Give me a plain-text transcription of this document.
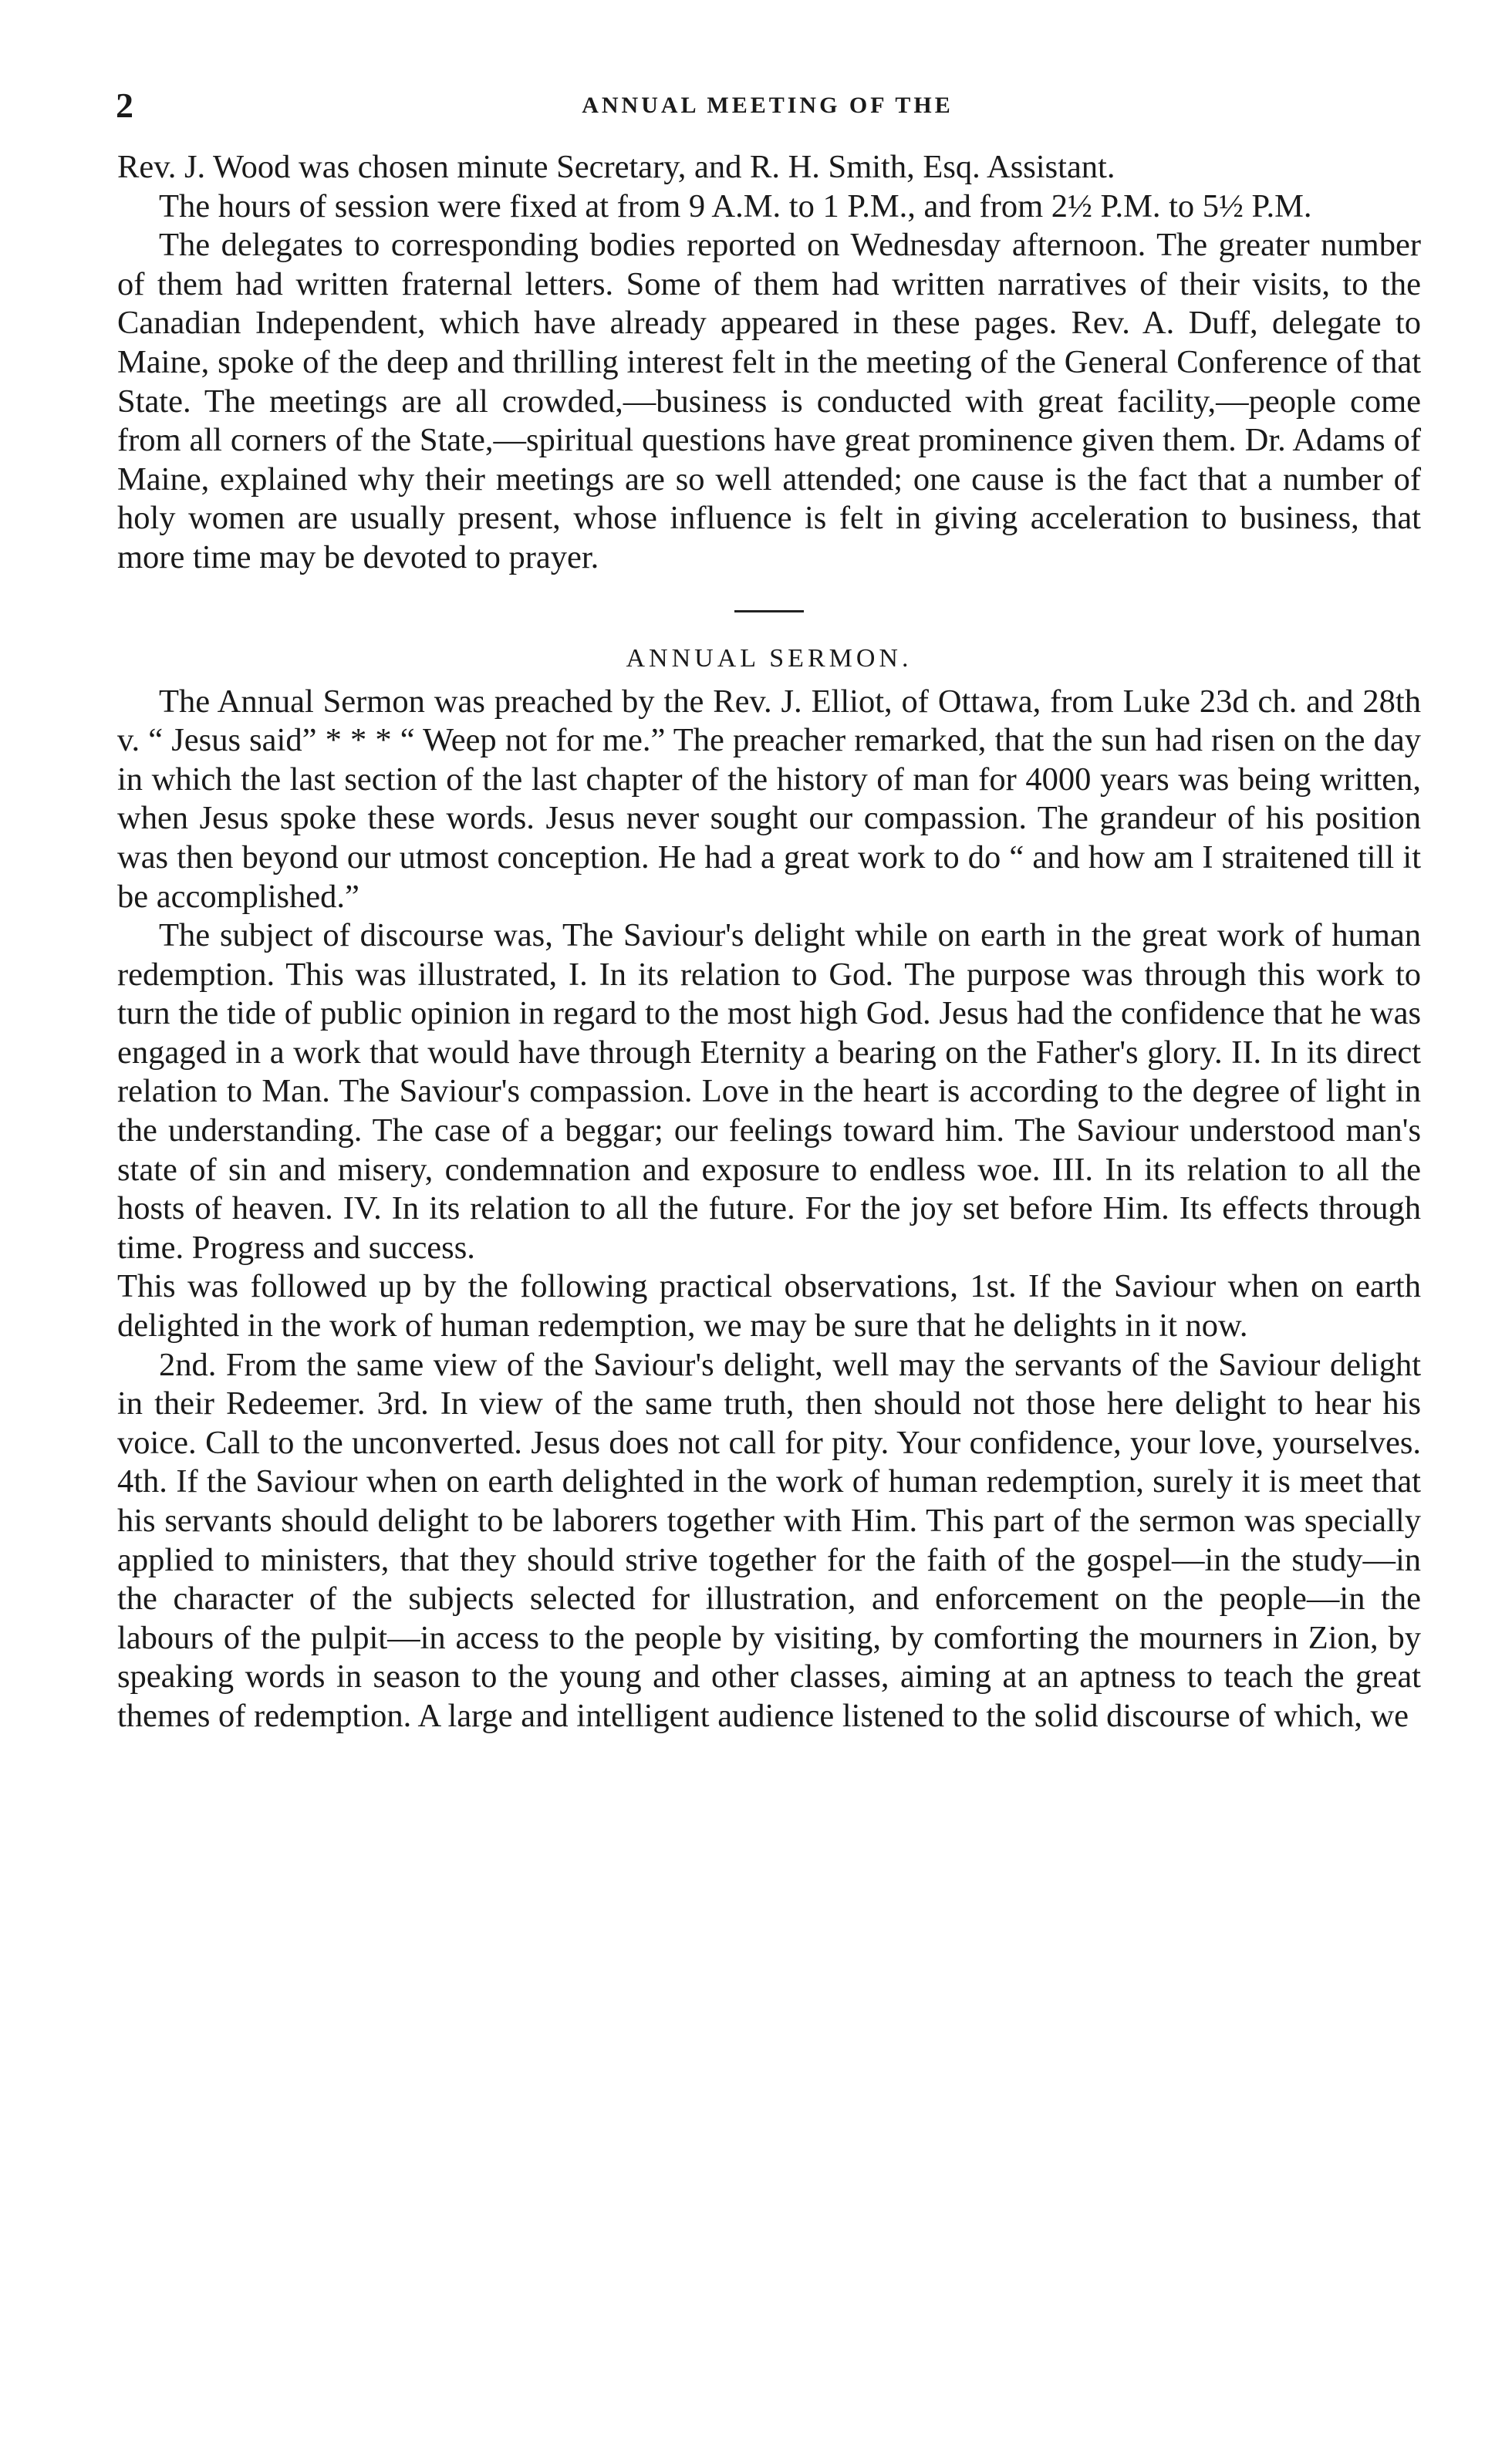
2	ANNUAL MEETING OF THE

Rev. J. Wood was chosen minute Secretary, and R. H. Smith, Esq. Assistant.

The hours of session were fixed at from 9 A.M. to 1 P.M., and from 2½ P.M. to 5½ P.M.

The delegates to corresponding bodies reported on Wednesday afternoon. The greater number of them had written fraternal letters. Some of them had written narratives of their visits, to the Canadian Independent, which have already appeared in these pages. Rev. A. Duff, delegate to Maine, spoke of the deep and thrilling interest felt in the meeting of the General Conference of that State. The meetings are all crowded,—business is conducted with great facility,—people come from all corners of the State,—spiritual questions have great prominence given them. Dr. Adams of Maine, explained why their meetings are so well attended; one cause is the fact that a number of holy women are usually present, whose influence is felt in giving acceleration to business, that more time may be devoted to prayer.

ANNUAL SERMON.

The Annual Sermon was preached by the Rev. J. Elliot, of Ottawa, from Luke 23d ch. and 28th v. “ Jesus said” * * * “ Weep not for me.” The preacher remarked, that the sun had risen on the day in which the last section of the last chapter of the history of man for 4000 years was being written, when Jesus spoke these words. Jesus never sought our compassion. The grandeur of his position was then beyond our utmost conception. He had a great work to do “ and how am I straitened till it be accomplished.”

The subject of discourse was, The Saviour's delight while on earth in the great work of human redemption. This was illustrated, I. In its relation to God. The purpose was through this work to turn the tide of public opinion in regard to the most high God. Jesus had the confidence that he was engaged in a work that would have through Eternity a bearing on the Father's glory. II. In its direct relation to Man. The Saviour's compassion. Love in the heart is according to the degree of light in the understanding. The case of a beggar; our feelings toward him. The Saviour understood man's state of sin and misery, condemnation and exposure to endless woe. III. In its relation to all the hosts of heaven. IV. In its relation to all the future. For the joy set before Him. Its effects through time. Progress and success.

This was followed up by the following practical observations, 1st. If the Saviour when on earth delighted in the work of human redemption, we may be sure that he delights in it now.

2nd. From the same view of the Saviour's delight, well may the servants of the Saviour delight in their Redeemer. 3rd. In view of the same truth, then should not those here delight to hear his voice. Call to the unconverted. Jesus does not call for pity. Your confidence, your love, yourselves. 4th. If the Saviour when on earth delighted in the work of human redemption, surely it is meet that his servants should delight to be laborers together with Him. This part of the sermon was specially applied to ministers, that they should strive together for the faith of the gospel—in the study—in the character of the subjects selected for illustration, and enforcement on the people—in the labours of the pulpit—in access to the people by visiting, by comforting the mourners in Zion, by speaking words in season to the young and other classes, aiming at an aptness to teach the great themes of redemption. A large and intelligent audience listened to the solid discourse of which, we
